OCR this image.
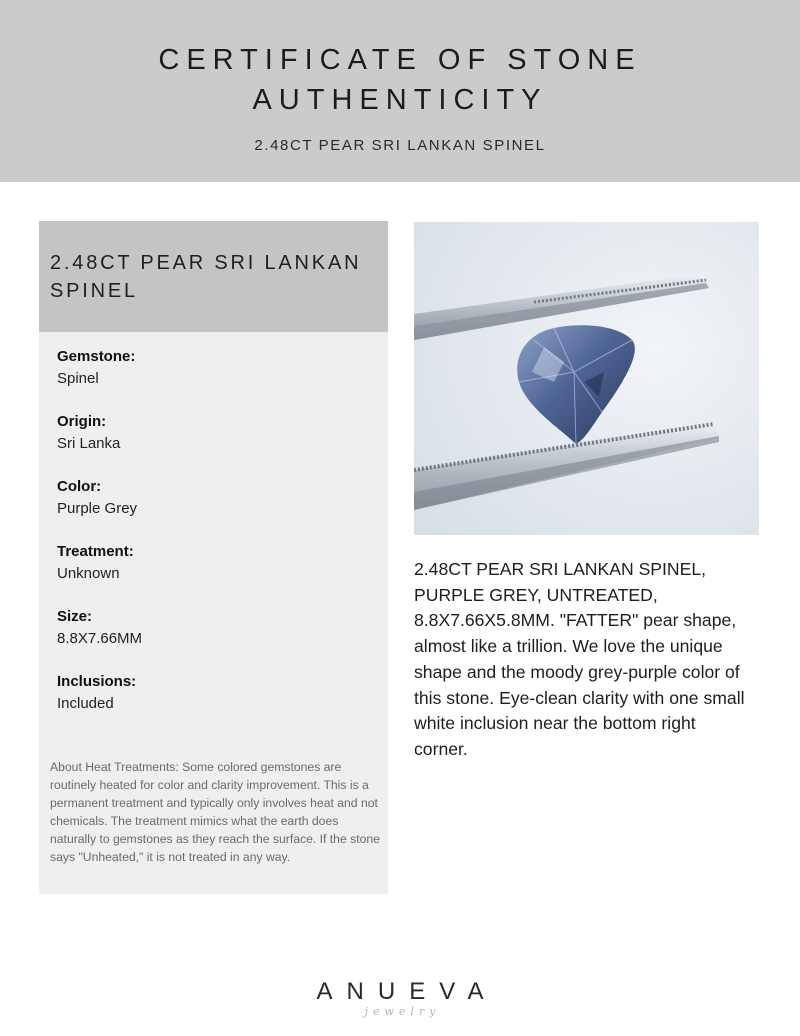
CERTIFICATE OF STONE AUTHENTICITY
2.48CT PEAR SRI LANKAN SPINEL
2.48CT PEAR SRI LANKAN SPINEL
Gemstone:
Spinel
Origin:
Sri Lanka
Color:
Purple Grey
Treatment:
Unknown
Size:
8.8X7.66MM
Inclusions:
Included
About Heat Treatments: Some colored gemstones are routinely heated for color and clarity improvement. This is a permanent treatment and typically only involves heat and not chemicals. The treatment mimics what the earth does naturally to gemstones as they reach the surface. If the stone says "Unheated," it is not treated in any way.
2.48CT PEAR SRI LANKAN SPINEL, PURPLE GREY, UNTREATED, 8.8X7.66X5.8MM. "FATTER" pear shape, almost like a trillion. We love the unique shape and the moody grey-purple color of this stone. Eye-clean clarity with one small white inclusion near the bottom right corner.
ANUEVA
jewelry
